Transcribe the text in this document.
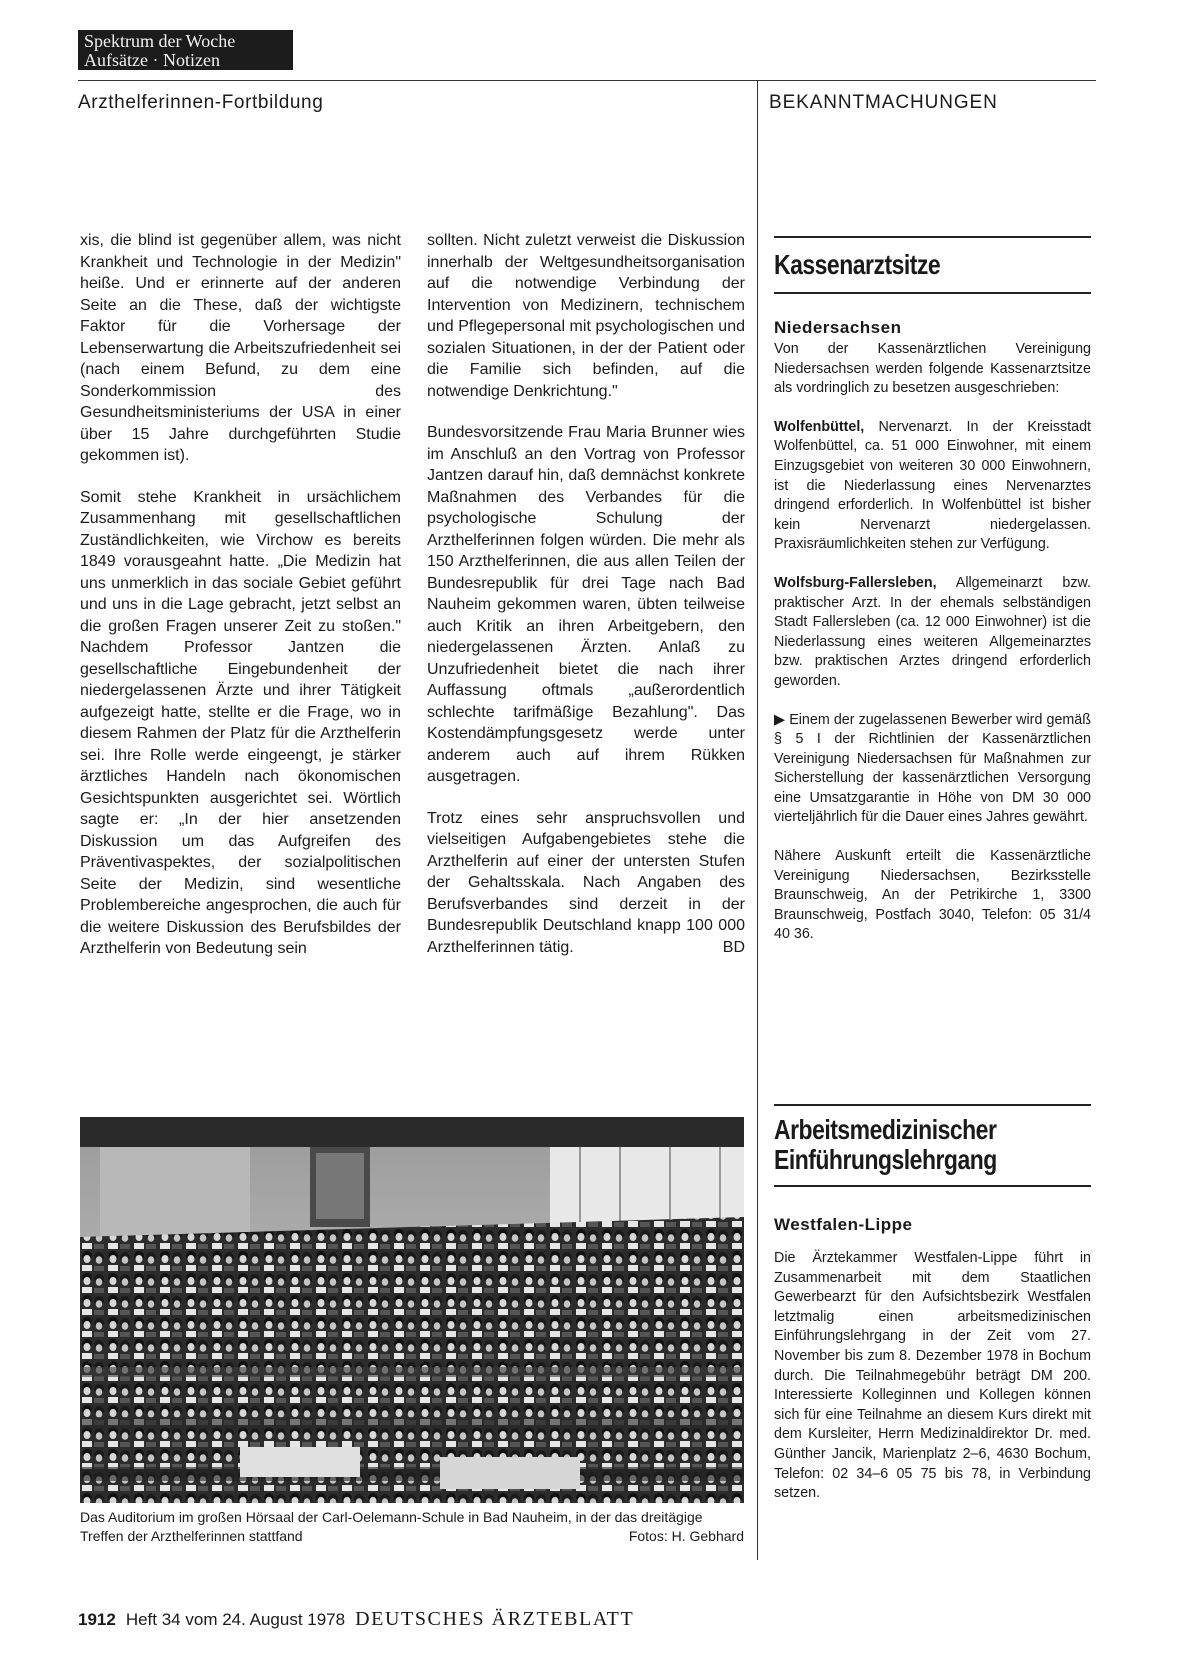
Spektrum der Woche
Aufsätze · Notizen
Arzthelferinnen-Fortbildung	BEKANNTMACHUNGEN

xis, die blind ist gegenüber allem, was nicht Krankheit und Technologie in der Medizin" heiße. Und er erinnerte auf der anderen Seite an die These, daß der wichtigste Faktor für die Vorhersage der Lebenserwartung die Arbeitszufriedenheit sei (nach einem Befund, zu dem eine Sonderkommission des Gesundheitsministeriums der USA in einer über 15 Jahre durchgeführten Studie gekommen ist).

Somit stehe Krankheit in ursächlichem Zusammenhang mit gesellschaftlichen Zuständlichkeiten, wie Virchow es bereits 1849 vorausgeahnt hatte. „Die Medizin hat uns unmerklich in das sociale Gebiet geführt und uns in die Lage gebracht, jetzt selbst an die großen Fragen unserer Zeit zu stoßen." Nachdem Professor Jantzen die gesellschaftliche Eingebundenheit der niedergelassenen Ärzte und ihrer Tätigkeit aufgezeigt hatte, stellte er die Frage, wo in diesem Rahmen der Platz für die Arzthelferin sei. Ihre Rolle werde eingeengt, je stärker ärztliches Handeln nach ökonomischen Gesichtspunkten ausgerichtet sei. Wörtlich sagte er: „In der hier ansetzenden Diskussion um das Aufgreifen des Präventivaspektes, der sozialpolitischen Seite der Medizin, sind wesentliche Problembereiche angesprochen, die auch für die weitere Diskussion des Berufsbildes der Arzthelferin von Bedeutung sein

sollten. Nicht zuletzt verweist die Diskussion innerhalb der Weltgesundheitsorganisation auf die notwendige Verbindung der Intervention von Medizinern, technischem und Pflegepersonal mit psychologischen und sozialen Situationen, in der der Patient oder die Familie sich befinden, auf die notwendige Denkrichtung."

Bundesvorsitzende Frau Maria Brunner wies im Anschluß an den Vortrag von Professor Jantzen darauf hin, daß demnächst konkrete Maßnahmen des Verbandes für die psychologische Schulung der Arzthelferinnen folgen würden. Die mehr als 150 Arzthelferinnen, die aus allen Teilen der Bundesrepublik für drei Tage nach Bad Nauheim gekommen waren, übten teilweise auch Kritik an ihren Arbeitgebern, den niedergelassenen Ärzten. Anlaß zu Unzufriedenheit bietet die nach ihrer Auffassung oftmals „außerordentlich schlechte tarifmäßige Bezahlung". Das Kostendämpfungsgesetz werde unter anderem auch auf ihrem Rükken ausgetragen.

Trotz eines sehr anspruchsvollen und vielseitigen Aufgabengebietes stehe die Arzthelferin auf einer der untersten Stufen der Gehaltsskala. Nach Angaben des Berufsverbandes sind derzeit in der Bundesrepublik Deutschland knapp 100 000 Arzthelferinnen tätig.	BD

Das Auditorium im großen Hörsaal der Carl-Oelemann-Schule in Bad Nauheim, in der das dreitägige Treffen der Arzthelferinnen stattfand	Fotos: H. Gebhard
Kassenarztsitze
Niedersachsen

Von der Kassenärztlichen Vereinigung Niedersachsen werden folgende Kassenarztsitze als vordringlich zu besetzen ausgeschrieben:

Wolfenbüttel, Nervenarzt. In der Kreisstadt Wolfenbüttel, ca. 51 000 Einwohner, mit einem Einzugsgebiet von weiteren 30 000 Einwohnern, ist die Niederlassung eines Nervenarztes dringend erforderlich. In Wolfenbüttel ist bisher kein Nervenarzt niedergelassen. Praxisräumlichkeiten stehen zur Verfügung.

Wolfsburg-Fallersleben, Allgemeinarzt bzw. praktischer Arzt. In der ehemals selbständigen Stadt Fallersleben (ca. 12 000 Einwohner) ist die Niederlassung eines weiteren Allgemeinarztes bzw. praktischen Arztes dringend erforderlich geworden.

▶ Einem der zugelassenen Bewerber wird gemäß § 5 I der Richtlinien der Kassenärztlichen Vereinigung Niedersachsen für Maßnahmen zur Sicherstellung der kassenärztlichen Versorgung eine Umsatzgarantie in Höhe von DM 30 000 vierteljährlich für die Dauer eines Jahres gewährt.

Nähere Auskunft erteilt die Kassenärztliche Vereinigung Niedersachsen, Bezirksstelle Braunschweig, An der Petrikirche 1, 3300 Braunschweig, Postfach 3040, Telefon: 05 31/4 40 36.

Arbeitsmedizinischer
Einführungslehrgang
Westfalen-Lippe
Die Ärztekammer Westfalen-Lippe führt in Zusammenarbeit mit dem Staatlichen Gewerbearzt für den Aufsichtsbezirk Westfalen letztmalig einen arbeitsmedizinischen Einführungslehrgang in der Zeit vom 27. November bis zum 8. Dezember 1978 in Bochum durch. Die Teilnahmegebühr beträgt DM 200. Interessierte Kolleginnen und Kollegen können sich für eine Teilnahme an diesem Kurs direkt mit dem Kursleiter, Herrn Medizinaldirektor Dr. med. Günther Jancik, Marienplatz 2–6, 4630 Bochum, Telefon: 02 34–6 05 75 bis 78, in Verbindung setzen.
1912 Heft 34 vom 24. August 1978 DEUTSCHES ÄRZTEBLATT
